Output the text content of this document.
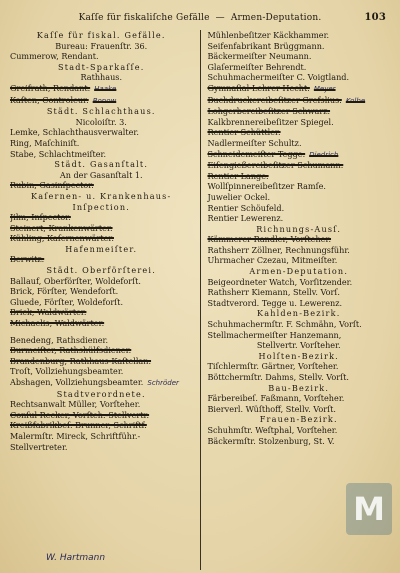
Kaſſe für fiskaliſche Gefälle — Armen-Deputation.	103
Kaſſe für fiskal. Gefälle.
Bureau: Frauenſtr. 36.
Cummerow, Rendant.
Stadt-Sparkaſſe.
Rathhaus.
Greifrath, Rendant. Haake
Kaſten, Controleur. Bonow
Städt. Schlachthaus.
Nicoloiſtr. 3.
Lemke, Schlachthausverwalter.
Ring, Maſchiniſt.
Stabe, Schlachtmeiſter.
Städt. Gasanſtalt.
An der Gasanſtalt 1.
Rubin, Gasinſpector.
Kaſernen- u. Krankenhaus-
Inſpection.
Jilm, Inſpector.
Steinert, Krankenwärter.
Kühling, Kaſernenwärter.
Hafenmeiſter.
Berwitz.
Städt. Oberförſterei.
Ballauf, Oberförſter, Woldeforſt.
Brick, Förſter, Wendeforſt.
Gluede, Förſter, Woldeforſt.
Brick, Waldwärter.
Michaelis, Waldwärter.
Benedeng, Rathsdiener.
Burmeiſter, Rathshülfsdiener.
Brandenburg, Rathhaus-Kaſtellan.
Troſt, Vollziehungsbeamter.
Abshagen, Vollziehungsbeamter. Schröder
Stadtverordnete.
Rechtsanwalt Müller, Vorſteher.
Conſul Recker, Vorſteh.-Stellvertr.
Kreißfabrikbeſ. Brunner, Schriftf.
Malermſtr. Mireck, Schriftführ.-
Stellvertreter.
Mühlenbeſitzer Käckhammer.
Seifenfabrikant Brüggmann.
Bäckermeiſter Neumann.
Glaſermeiſter Behrendt.
Schuhmachermeiſter C. Voigtland.
Gymnaſial-Lehrer Hecht. Meyer
Buchdruckereibeſitzer Grefslius. Kolbe
Lohgerbereibeſitzer Schwarz.
Kalkbrennereibeſitzer Spiegel.
Rentier Schüttler.
Nadlermeiſter Schultz.
Schneidemeiſter Tegge. Diedrich
Eiſengießereibeſitzer Schumann.
Rentier Lange.
Wollſpinnereibeſitzer Ramſe.
Juwelier Ockel.
Rentier Schöufeld.
Rentier Lewerenz.
Richnungs-Ausſ.
Kämmerer Randler, Vorſteher.
Rathsherr Zöllner, Rechnungsführ.
Uhrmacher Czezau, Mitmeiſter.
Armen-Deputation.
Beigeordneter Watch, Vorſitzender.
Rathsherr Kiemann, Stellv. Vorſ.
Stadtverord. Tegge u. Lewerenz.
Kahlden-Bezirk.
Schuhmachermſtr. F. Schmähn, Vorſt.
Stellmachermeiſter Hanzemann,
Stellvertr. Vorſteher.
Holſten-Bezirk.
Tiſchlermſtr. Gärtner, Vorſteher.
Böttchermſtr. Dahms, Stellv. Vorſt.
Bau-Bezirk.
Färbereibeſ. Faßmann, Vorſteher.
Bierverl. Wüſthoff, Stellv. Vorſt.
Frauen-Bezirk.
Schuhmſtr. Weſtphal, Vorſteher.
Bäckermſtr. Stolzenburg, St. V.
M
W. Hartmann
